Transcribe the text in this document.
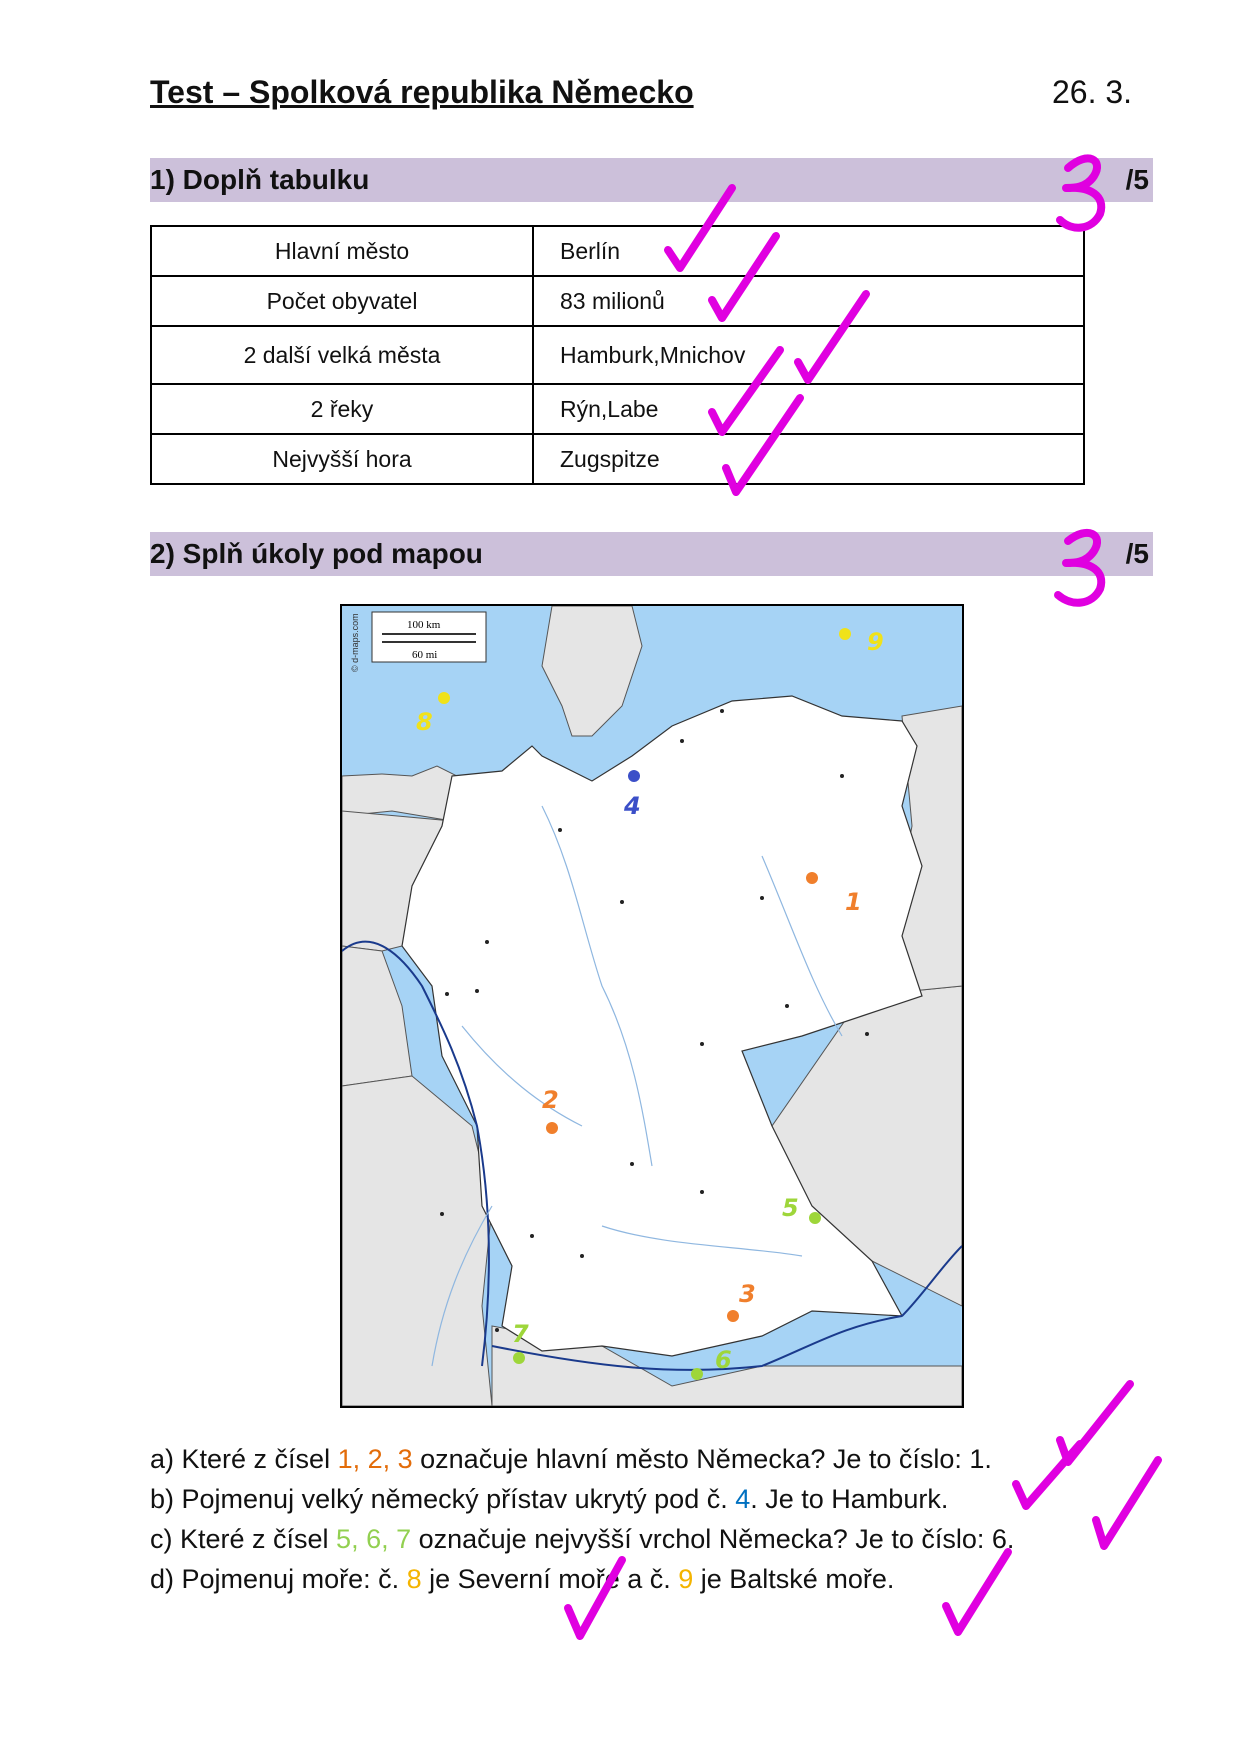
Test – Spolková republika Německo	26. 3.
1) Doplň tabulku	/5
Hlavní město	Berlín
Počet obyvatel	83 milionů
2 další velká města	Hamburk,Mnichov
2 řeky	Rýn,Labe
Nejvyšší hora	Zugspitze
2) Splň úkoly pod mapou	/5
100 km
60 mi
© d-maps.com
1
2
3
4
5
6
7
8
9
a) Které z čísel 1, 2, 3 označuje hlavní město Německa? Je to číslo: 1.
b) Pojmenuj velký německý přístav ukrytý pod č. 4. Je to Hamburk.
c) Které z čísel 5, 6, 7 označuje nejvyšší vrchol Německa? Je to číslo: 6.
d) Pojmenuj moře: č. 8 je Severní moře a č. 9 je Baltské moře.
